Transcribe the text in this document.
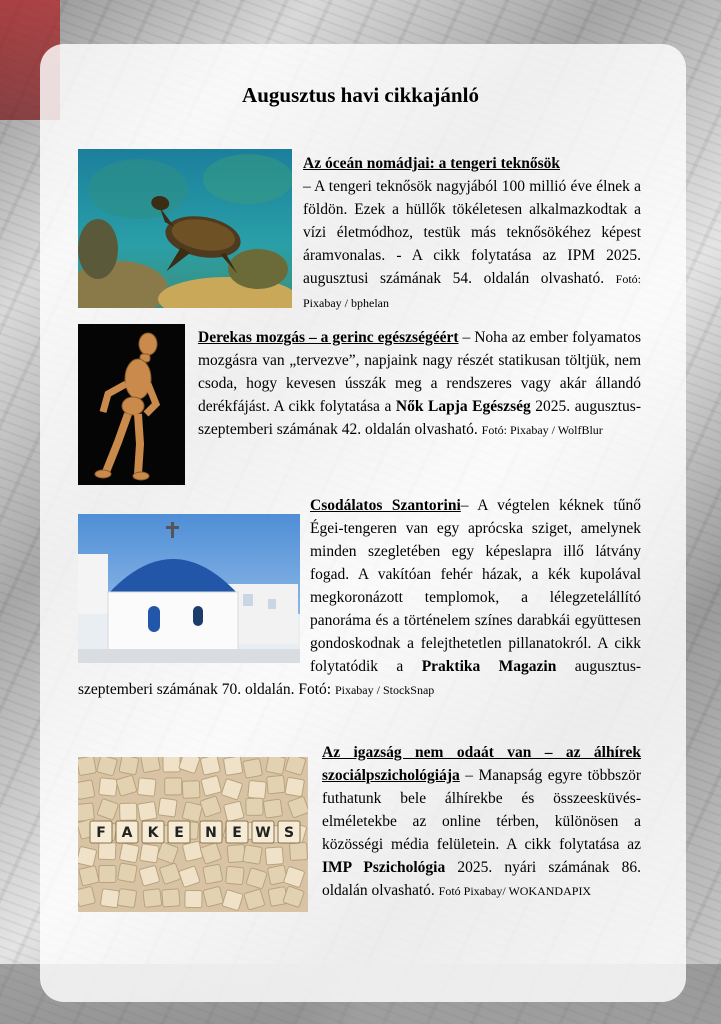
Augusztus havi cikkajánló
Az óceán nomádjai: a tengeri teknősök
– A tengeri teknősök nagyjából 100 millió éve élnek a földön. Ezek a hüllők tökéletesen alkalmazkodtak a vízi életmódhoz, testük más teknősökéhez képest áramvonalas. - A cikk folytatása az IPM 2025. augusztusi számának 54. oldalán olvasható. Fotó: Pixabay / bphelan
Derekas mozgás – a gerinc egészségéért – Noha az ember folyamatos mozgásra van „tervezve”, napjaink nagy részét statikusan töltjük, nem csoda, hogy kevesen ússzák meg a rendszeres vagy akár állandó derékfájást. A cikk folytatása a Nők Lapja Egészség 2025. augusztus-szeptemberi számának 42. oldalán olvasható. Fotó: Pixabay / WolfBlur
Csodálatos Szantorini– A végtelen kéknek tűnő Égei-tengeren van egy aprócska sziget, amelynek minden szegletében egy képeslapra illő látvány fogad. A vakítóan fehér házak, a kék kupolával megkoronázott templomok, a lélegzetelállító panoráma és a történelem színes darabkái együttesen gondoskodnak a felejthetetlen pillanatokról. A cikk folytatódik a Praktika Magazin augusztus-szeptemberi számának 70. oldalán. Fotó: Pixabay / StockSnap
F A K E N E W S
Az igazság nem odaát van – az álhírek szociálpszichológiája – Manapság egyre többször futhatunk bele álhírekbe és összeesküvés-elméletekbe az online térben, különösen a közösségi média felületein. A cikk folytatása az IMP Pszichológia 2025. nyári számának 86. oldalán olvasható. Fotó Pixabay/ WOKANDAPIX
